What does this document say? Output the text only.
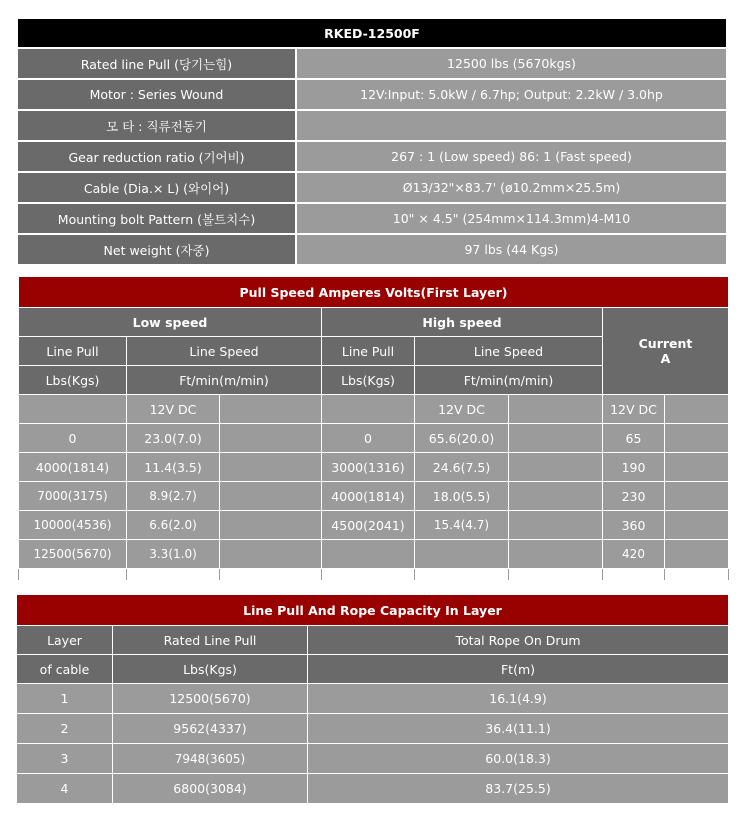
RKED-12500F	
Rated line Pull (당기는힘)	12500 lbs (5670kgs)
Motor : Series Wound	12V:Input: 5.0kW / 6.7hp; Output: 2.2kW / 3.0hp
모 타 : 직류전동기	
Gear reduction ratio (기어비)	267 : 1 (Low speed) 86: 1 (Fast speed)
Cable (Dia.× L) (와이어)	Ø13/32"×83.7' (ø10.2mm×25.5m)
Mounting bolt Pattern (볼트치수)	10" × 4.5" (254mm×114.3mm)4-M10
Net weight (자중)	97 lbs (44 Kgs)
Pull Speed Amperes Volts(First Layer)							
Low speed			High speed			Current
A	
Line Pull	Line Speed		Line Pull	Line Speed			
Lbs(Kgs)	Ft/min(m/min)		Lbs(Kgs)	Ft/min(m/min)			
	12V DC			12V DC		12V DC	
0	23.0(7.0)		0	65.6(20.0)		65	
4000(1814)	11.4(3.5)		3000(1316)	24.6(7.5)		190	
7000(3175)	8.9(2.7)		4000(1814)	18.0(5.5)		230	
10000(4536)	6.6(2.0)		4500(2041)	15.4(4.7)		360	
12500(5670)	3.3(1.0)					420	

Line Pull And Rope Capacity In Layer		
Layer	Rated Line Pull	Total Rope On Drum
of cable	Lbs(Kgs)	Ft(m)
1	12500(5670)	16.1(4.9)
2	9562(4337)	36.4(11.1)
3	7948(3605)	60.0(18.3)
4	6800(3084)	83.7(25.5)
